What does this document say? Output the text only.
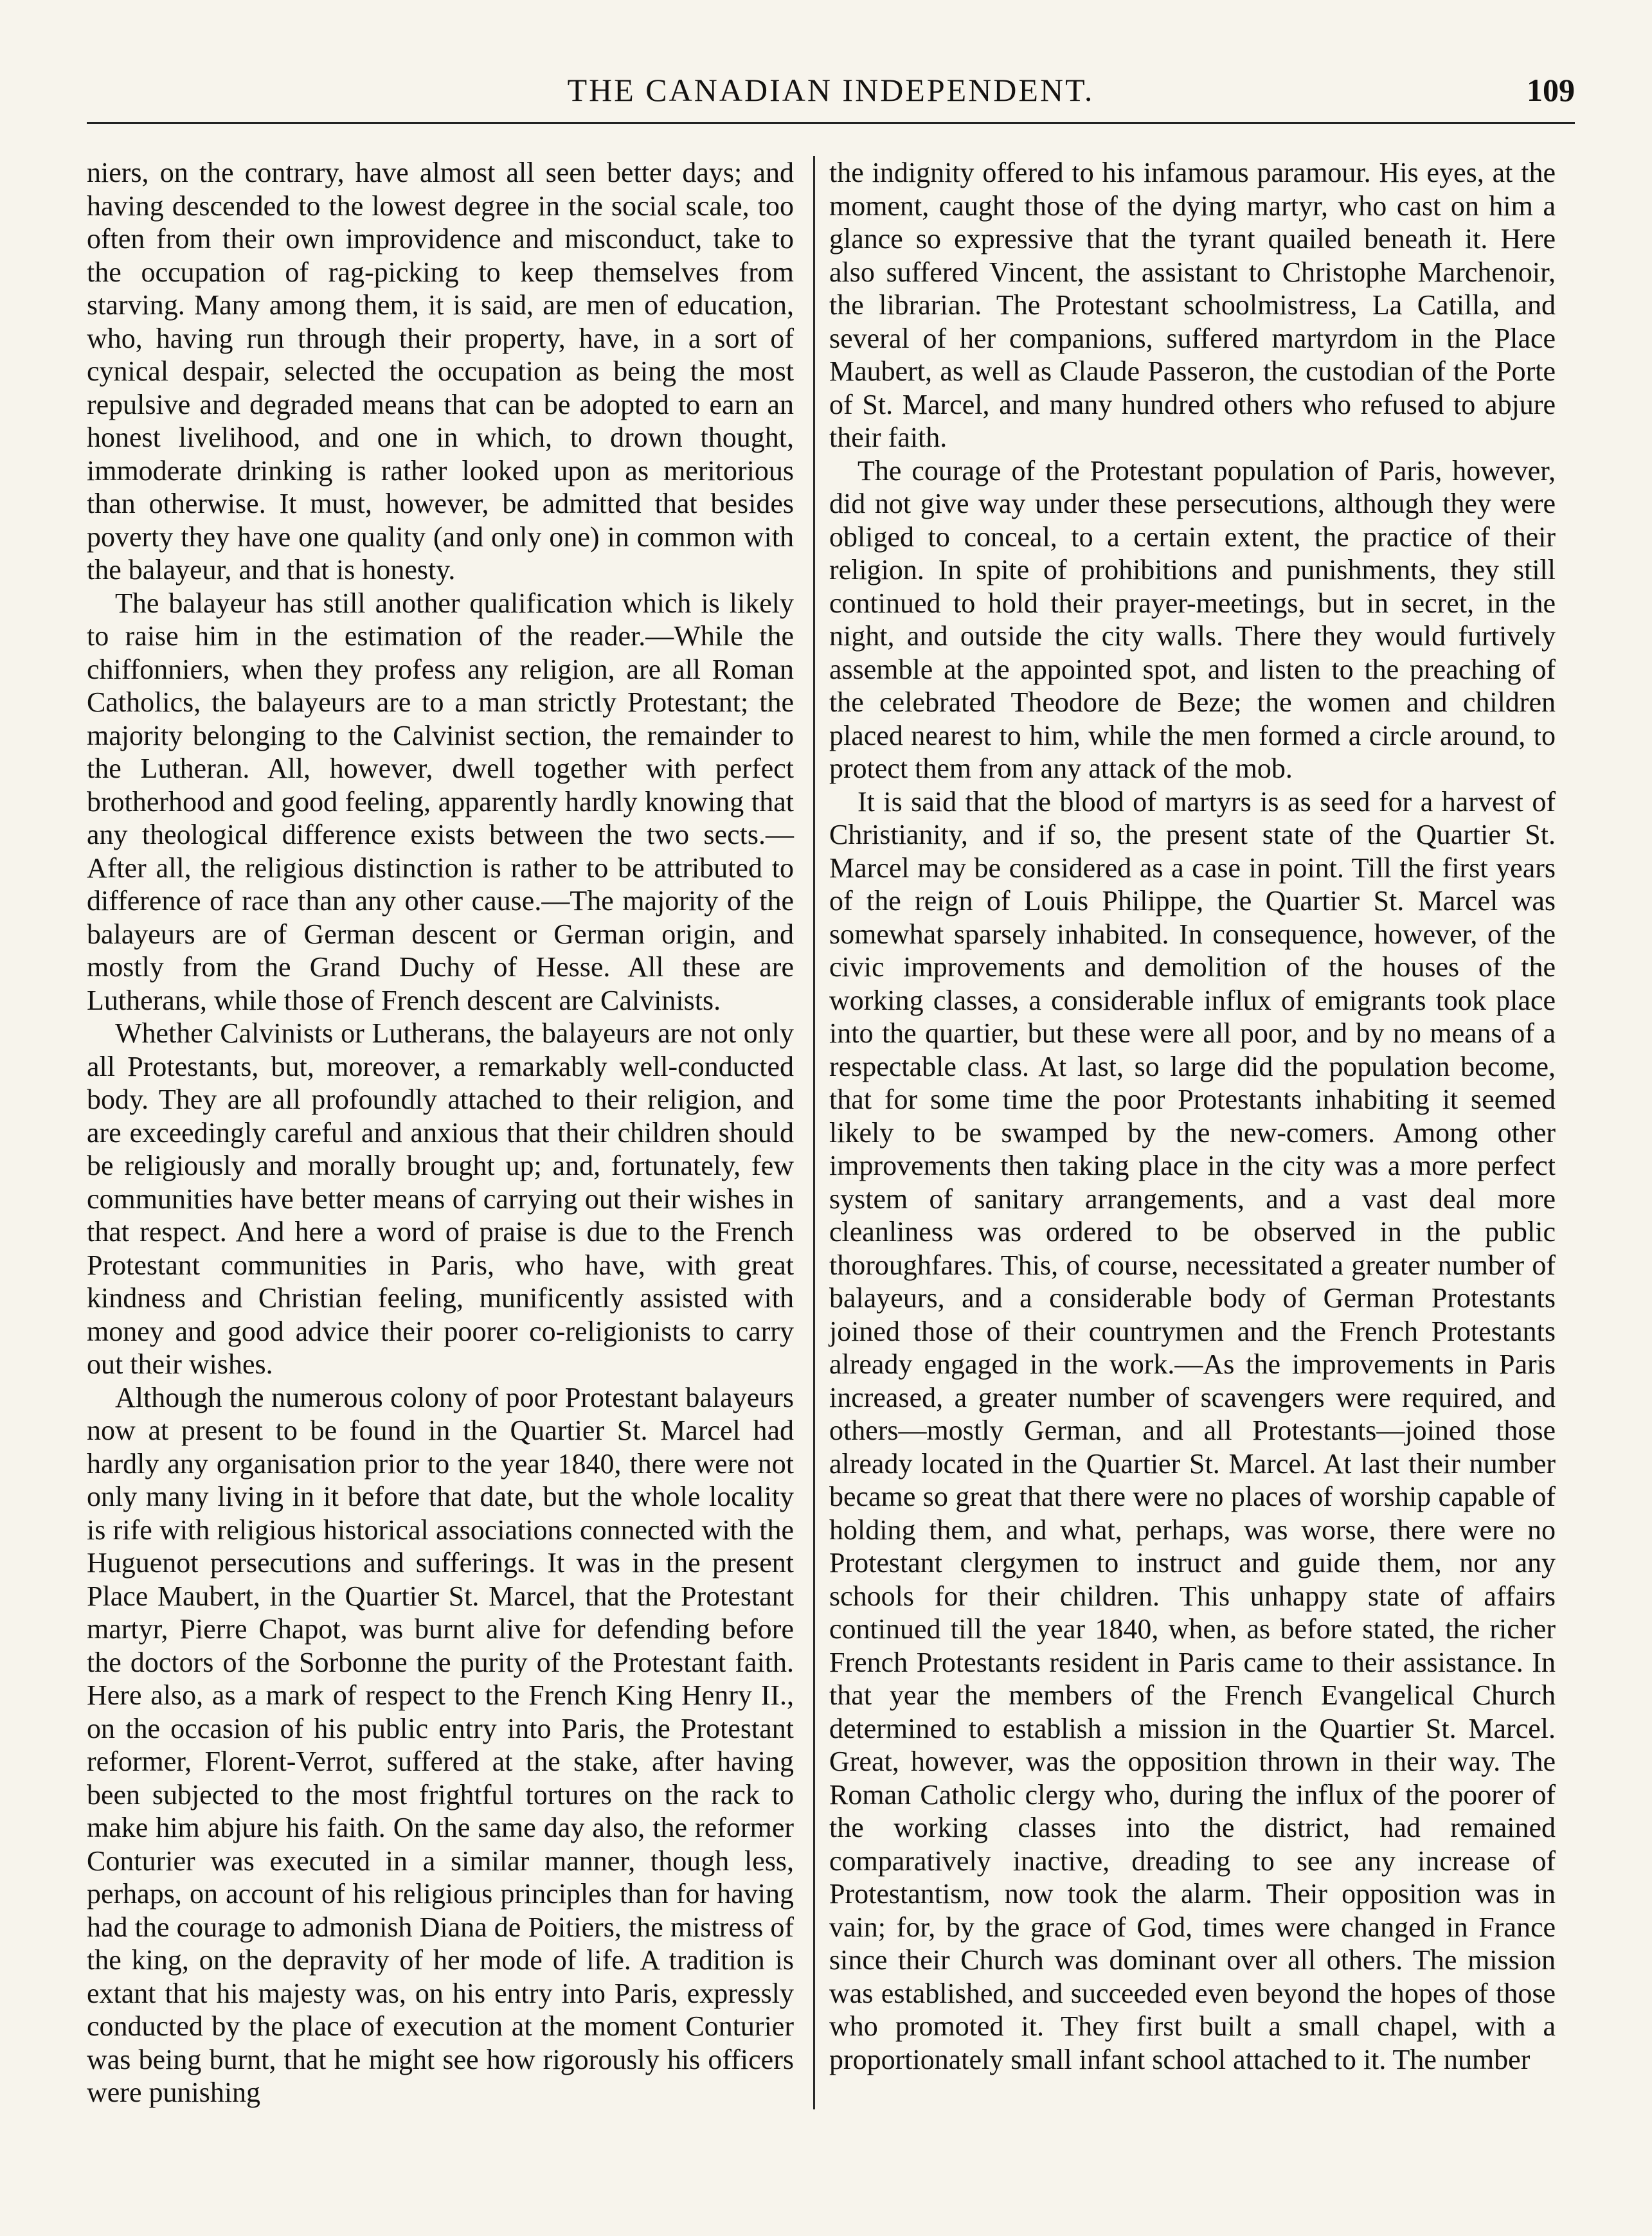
THE CANADIAN INDEPENDENT.	109

niers, on the contrary, have almost all seen better days; and having descended to the lowest degree in the social scale, too often from their own improvidence and misconduct, take to the occupation of rag-picking to keep themselves from starving. Many among them, it is said, are men of education, who, having run through their property, have, in a sort of cynical despair, selected the occupation as being the most repulsive and degraded means that can be adopted to earn an honest livelihood, and one in which, to drown thought, immoderate drinking is rather looked upon as meritorious than otherwise. It must, however, be admitted that besides poverty they have one quality (and only one) in common with the balayeur, and that is honesty.

The balayeur has still another qualification which is likely to raise him in the estimation of the reader.—While the chiffonniers, when they profess any religion, are all Roman Catholics, the balayeurs are to a man strictly Protestant; the majority belonging to the Calvinist section, the remainder to the Lutheran. All, however, dwell together with perfect brotherhood and good feeling, apparently hardly knowing that any theological difference exists between the two sects.—After all, the religious distinction is rather to be attributed to difference of race than any other cause.—The majority of the balayeurs are of German descent or German origin, and mostly from the Grand Duchy of Hesse. All these are Lutherans, while those of French descent are Calvinists.

Whether Calvinists or Lutherans, the balayeurs are not only all Protestants, but, moreover, a remarkably well-conducted body. They are all profoundly attached to their religion, and are exceedingly careful and anxious that their children should be religiously and morally brought up; and, fortunately, few communities have better means of carrying out their wishes in that respect. And here a word of praise is due to the French Protestant communities in Paris, who have, with great kindness and Christian feeling, munificently assisted with money and good advice their poorer co-religionists to carry out their wishes.

Although the numerous colony of poor Protestant balayeurs now at present to be found in the Quartier St. Marcel had hardly any organisation prior to the year 1840, there were not only many living in it before that date, but the whole locality is rife with religious historical associations connected with the Huguenot persecutions and sufferings. It was in the present Place Maubert, in the Quartier St. Marcel, that the Protestant martyr, Pierre Chapot, was burnt alive for defending before the doctors of the Sorbonne the purity of the Protestant faith. Here also, as a mark of respect to the French King Henry II., on the occasion of his public entry into Paris, the Protestant reformer, Florent-Verrot, suffered at the stake, after having been subjected to the most frightful tortures on the rack to make him abjure his faith. On the same day also, the reformer Conturier was executed in a similar manner, though less, perhaps, on account of his religious principles than for having had the courage to admonish Diana de Poitiers, the mistress of the king, on the depravity of her mode of life. A tradition is extant that his majesty was, on his entry into Paris, expressly conducted by the place of execution at the moment Conturier was being burnt, that he might see how rigorously his officers were punishing

the indignity offered to his infamous paramour. His eyes, at the moment, caught those of the dying martyr, who cast on him a glance so expressive that the tyrant quailed beneath it. Here also suffered Vincent, the assistant to Christophe Marchenoir, the librarian. The Protestant schoolmistress, La Catilla, and several of her companions, suffered martyrdom in the Place Maubert, as well as Claude Passeron, the custodian of the Porte of St. Marcel, and many hundred others who refused to abjure their faith.

The courage of the Protestant population of Paris, however, did not give way under these persecutions, although they were obliged to conceal, to a certain extent, the practice of their religion. In spite of prohibitions and punishments, they still continued to hold their prayer-meetings, but in secret, in the night, and outside the city walls. There they would furtively assemble at the appointed spot, and listen to the preaching of the celebrated Theodore de Beze; the women and children placed nearest to him, while the men formed a circle around, to protect them from any attack of the mob.

It is said that the blood of martyrs is as seed for a harvest of Christianity, and if so, the present state of the Quartier St. Marcel may be considered as a case in point. Till the first years of the reign of Louis Philippe, the Quartier St. Marcel was somewhat sparsely inhabited. In consequence, however, of the civic improvements and demolition of the houses of the working classes, a considerable influx of emigrants took place into the quartier, but these were all poor, and by no means of a respectable class. At last, so large did the population become, that for some time the poor Protestants inhabiting it seemed likely to be swamped by the new-comers. Among other improvements then taking place in the city was a more perfect system of sanitary arrangements, and a vast deal more cleanliness was ordered to be observed in the public thoroughfares. This, of course, necessitated a greater number of balayeurs, and a considerable body of German Protestants joined those of their countrymen and the French Protestants already engaged in the work.—As the improvements in Paris increased, a greater number of scavengers were required, and others—mostly German, and all Protestants—joined those already located in the Quartier St. Marcel. At last their number became so great that there were no places of worship capable of holding them, and what, perhaps, was worse, there were no Protestant clergymen to instruct and guide them, nor any schools for their children. This unhappy state of affairs continued till the year 1840, when, as before stated, the richer French Protestants resident in Paris came to their assistance. In that year the members of the French Evangelical Church determined to establish a mission in the Quartier St. Marcel. Great, however, was the opposition thrown in their way. The Roman Catholic clergy who, during the influx of the poorer of the working classes into the district, had remained comparatively inactive, dreading to see any increase of Protestantism, now took the alarm. Their opposition was in vain; for, by the grace of God, times were changed in France since their Church was dominant over all others. The mission was established, and succeeded even beyond the hopes of those who promoted it. They first built a small chapel, with a proportionately small infant school attached to it. The number
